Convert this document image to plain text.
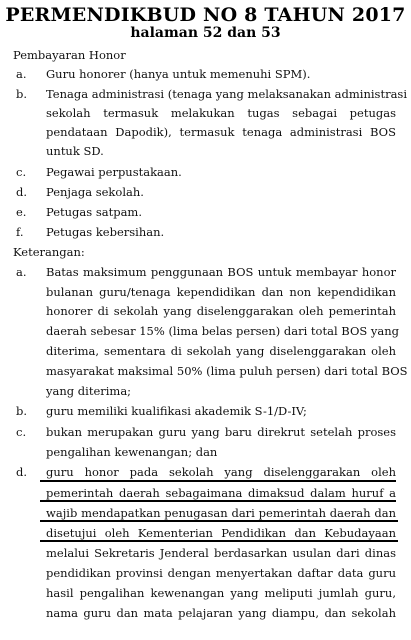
PERMENDIKBUD NO 8 TAHUN 2017
halaman 52 dan 53
Pembayaran Honor
a. Guru honorer (hanya untuk memenuhi SPM).
b. Tenaga administrasi (tenaga yang melaksanakan administrasi
sekolah termasuk melakukan tugas sebagai petugas
pendataan Dapodik), termasuk tenaga administrasi BOS
untuk SD.
c. Pegawai perpustakaan.
d. Penjaga sekolah.
e. Petugas satpam.
f. Petugas kebersihan.
Keterangan:
a. Batas maksimum penggunaan BOS untuk membayar honor
bulanan guru/tenaga kependidikan dan non kependidikan
honorer di sekolah yang diselenggarakan oleh pemerintah
daerah sebesar 15% (lima belas persen) dari total BOS yang
diterima, sementara di sekolah yang diselenggarakan oleh
masyarakat maksimal 50% (lima puluh persen) dari total BOS
yang diterima;
b. guru memiliki kualifikasi akademik S-1/D-IV;
c. bukan merupakan guru yang baru direkrut setelah proses
pengalihan kewenangan; dan
d. guru honor pada sekolah yang diselenggarakan oleh
pemerintah daerah sebagaimana dimaksud dalam huruf a
wajib mendapatkan penugasan dari pemerintah daerah dan
disetujui oleh Kementerian Pendidikan dan Kebudayaan
melalui Sekretaris Jenderal berdasarkan usulan dari dinas
pendidikan provinsi dengan menyertakan daftar data guru
hasil pengalihan kewenangan yang meliputi jumlah guru,
nama guru dan mata pelajaran yang diampu, dan sekolah
